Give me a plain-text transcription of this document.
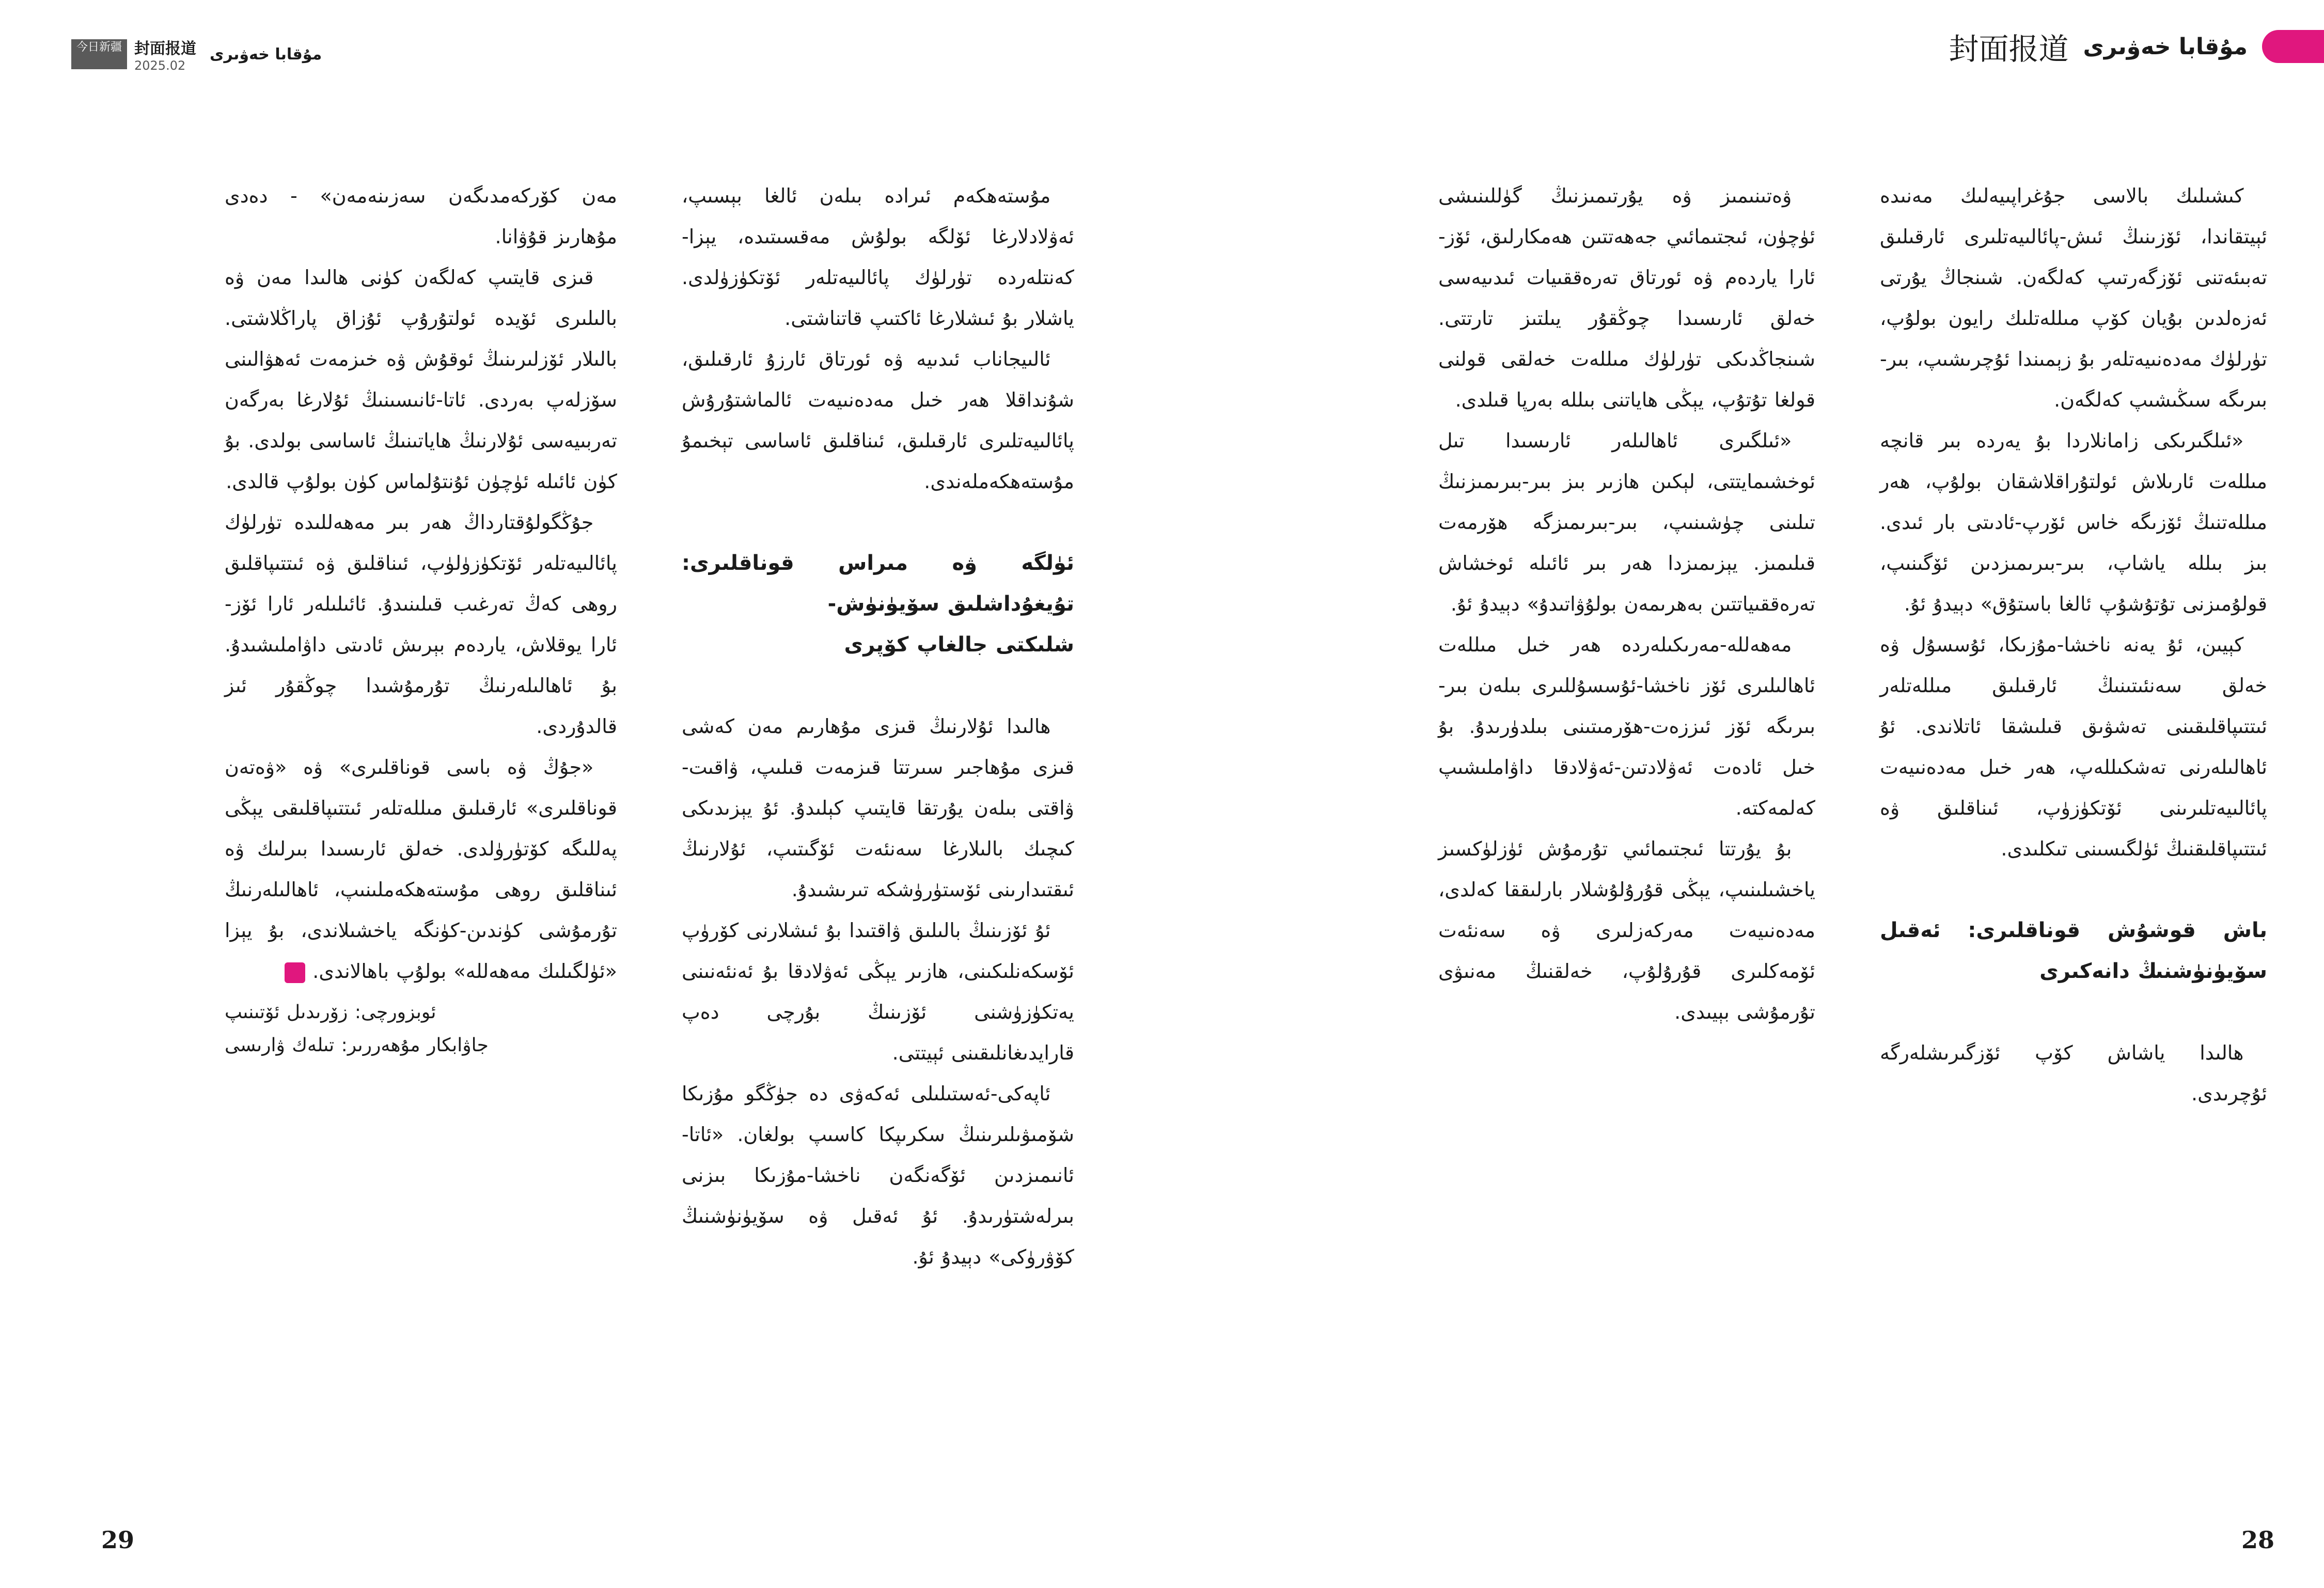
今日新疆 封面报道
2025.02
مۇقابا خەۋىرى	封面报道 مۇقابا خەۋىرى

كىشىلىك بالاسى جۇغراپىيەلىك مەنىدە ئېيتقاندا، ئۆزىنىڭ ئىش-پائالىيەتلىرى ئارقىلىق تەبىئەتنى ئۆزگەرتىپ كەلگەن. شىنجاڭ يۇرتى ئەزەلدىن بۇيان كۆپ مىللەتلىك رايون بولۇپ، تۈرلۈك مەدەنىيەتلەر بۇ زېمىندا ئۇچرىشىپ، بىر-بىرىگە سىڭىشىپ كەلگەن.

«ئىلگىرىكى زامانلاردا بۇ يەردە بىر قانچە مىللەت ئارىلاش ئولتۇراقلاشقان بولۇپ، ھەر مىللەتنىڭ ئۆزىگە خاس ئۆرپ-ئادىتى بار ئىدى. بىز بىللە ياشاپ، بىر-بىرىمىزدىن ئۆگىنىپ، قولۇمىزنى تۇتۇشۇپ ئالغا باستۇق» دېيدۇ ئۇ.

كېيىن، ئۇ يەنە ناخشا-مۇزىكا، ئۇسسۇل ۋە خەلق سەنئىتىنىڭ ئارقىلىق مىللەتلەر ئىتتىپاقلىقىنى تەشۋىق قىلىشقا ئاتلاندى. ئۇ ئاھالىلەرنى تەشكىللەپ، ھەر خىل مەدەنىيەت پائالىيەتلىرىنى ئۆتكۈزۈپ، ئىناقلىق ۋە ئىتتىپاقلىقنىڭ ئۈلگىسىنى تىكلىدى.

باش قوشۇش قوناقلىرى: ئەقىل سۆيۈنۈشنىڭ دانەكىرى

ھالىدا ياشاش كۆپ ئۆزگىرىشلەرگە ئۇچرىدى.

ۋەتىنىمىز ۋە يۇرتىمىزنىڭ گۈللىنىشى ئۈچۈن، ئىجتىمائىي جەھەتتىن ھەمكارلىق، ئۆز-ئارا ياردەم ۋە ئورتاق تەرەققىيات ئىدىيەسى خەلق ئارىسىدا چوڭقۇر يىلتىز تارتتى. شىنجاڭدىكى تۈرلۈك مىللەت خەلقى قولنى قولغا تۇتۇپ، يېڭى ھاياتنى بىللە بەرپا قىلدى.

«ئىلگىرى ئاھالىلەر ئارىسىدا تىل ئوخشىمايتتى، لېكىن ھازىر بىز بىر-بىرىمىزنىڭ تىلىنى چۈشىنىپ، بىر-بىرىمىزگە ھۆرمەت قىلىمىز. يېزىمىزدا ھەر بىر ئائىلە ئوخشاش تەرەققىياتتىن بەھرىمەن بولۇۋاتىدۇ» دېيدۇ ئۇ.

مەھەللە-مەرىكىلەردە ھەر خىل مىللەت ئاھالىلىرى ئۆز ناخشا-ئۇسسۇللىرى بىلەن بىر-بىرىگە ئۆز ئىززەت-ھۆرمىتىنى بىلدۈرىدۇ. بۇ خىل ئادەت ئەۋلادتىن-ئەۋلادقا داۋاملىشىپ كەلمەكتە.

بۇ يۇرتتا ئىجتىمائىي تۇرمۇش ئۈزلۈكسىز ياخشىلىنىپ، يېڭى قۇرۇلۇشلار بارلىققا كەلدى، مەدەنىيەت مەركەزلىرى ۋە سەنئەت ئۆمەكلىرى قۇرۇلۇپ، خەلقنىڭ مەنىۋى تۇرمۇشى بېيىدى.

مۇستەھكەم ئىرادە بىلەن ئالغا بېسىپ، ئەۋلادلارغا ئۆلگە بولۇش مەقسىتىدە، يېزا-كەنتلەردە تۈرلۈك پائالىيەتلەر ئۆتكۈزۈلدى. ياشلار بۇ ئىشلارغا ئاكتىپ قاتناشتى.

ئالىيجاناب ئىدىيە ۋە ئورتاق ئارزۇ ئارقىلىق، شۇنداقلا ھەر خىل مەدەنىيەت ئالماشتۇرۇش پائالىيەتلىرى ئارقىلىق، ئىناقلىق ئاساسى تېخىمۇ مۇستەھكەملەندى.

ئۈلگە ۋە مىراس قوناقلىرى: تۇيغۇداشلىق سۆيۈنۈش-
شلىكتى جالغاپ كۆپرى

ھالىدا ئۇلارنىڭ قىزى مۇھارىم مەن كەشى قىزى مۇھاجىر سىرتتا قىزمەت قىلىپ، ۋاقىت-ۋاقتى بىلەن يۇرتقا قايتىپ كېلىدۇ. ئۇ يېزىدىكى كىچىك بالىلارغا سەنئەت ئۆگىتىپ، ئۇلارنىڭ ئىقتىدارىنى ئۆستۈرۈشكە تىرىشىدۇ.

ئۇ ئۆزىنىڭ بالىلىق ۋاقتىدا بۇ ئىشلارنى كۆرۈپ ئۆسكەنلىكىنى، ھازىر يېڭى ئەۋلادقا بۇ ئەنئەنىنى يەتكۈزۈشنى ئۆزىنىڭ بۇرچى دەپ قارايدىغانلىقىنى ئېيتتى.

ئاپەكى-ئەستىلىلى ئەكەۋى دە جۈڭگو مۇزىكا شۆمىۋىلىرىنىڭ سكرىپكا كاسىپ بولغان. «ئاتا-ئانىمىزدىن ئۆگەنگەن ناخشا-مۇزىكا بىزنى بىرلەشتۈرىدۇ. ئۇ ئەقىل ۋە سۆيۈنۈشنىڭ كۆۋرۈكى» دېيدۇ ئۇ.

مەن كۆركەمدىگەن سەزىنەمەن» - دەدى مۇھارىز قۇۋانا.

قىزى قايتىپ كەلگەن كۈنى ھالىدا مەن ۋە بالىلىرى ئۆيدە ئولتۇرۇپ ئۇزاق پاراڭلاشتى. بالىلار ئۆزلىرىنىڭ ئوقۇش ۋە خىزمەت ئەھۋالىنى سۆزلەپ بەردى. ئاتا-ئانىسىنىڭ ئۇلارغا بەرگەن تەربىيەسى ئۇلارنىڭ ھاياتىنىڭ ئاساسى بولدى. بۇ كۈن ئائىلە ئۈچۈن ئۇنتۇلماس كۈن بولۇپ قالدى.

جۇڭگولۇقتارداڭ ھەر بىر مەھەللىدە تۈرلۈك پائالىيەتلەر ئۆتكۈزۈلۈپ، ئىناقلىق ۋە ئىتتىپاقلىق روھى كەڭ تەرغىب قىلىنىدۇ. ئائىلىلەر ئارا ئۆز-ئارا يوقلاش، ياردەم بېرىش ئادىتى داۋاملىشىدۇ. بۇ ئاھالىلەرنىڭ تۇرمۇشىدا چوڭقۇر ئىز قالدۇردى.

«جۇڭ ۋە باسى قوناقلىرى» ۋە «ۋەتەن قوناقلىرى» ئارقىلىق مىللەتلەر ئىتتىپاقلىقى يېڭى پەللىگە كۆتۈرۈلدى. خەلق ئارىسىدا بىرلىك ۋە ئىناقلىق روھى مۇستەھكەملىنىپ، ئاھالىلەرنىڭ تۇرمۇشى كۈندىن-كۈنگە ياخشىلاندى، بۇ يېزا «ئۈلگىلىك مەھەللە» بولۇپ باھالاندى. J

ئوبزورچى: زۆرىدىل ئۆتىنىپ

جاۋابكار مۇھەررىر: تىلەك ۋارىسى

29	28
